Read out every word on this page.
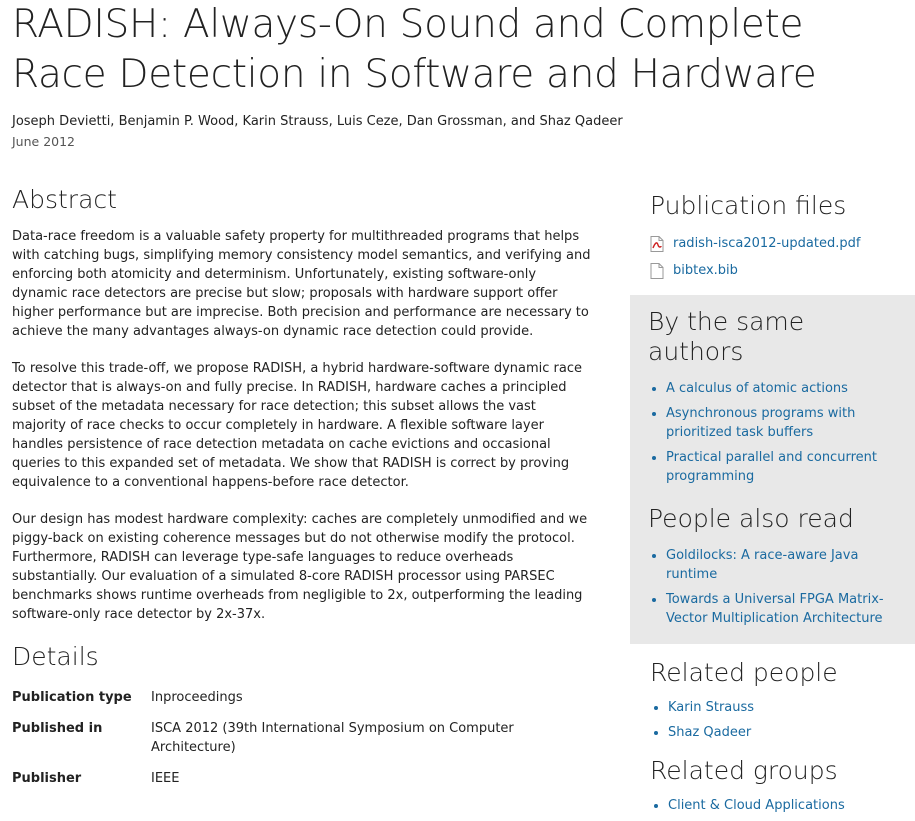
RADISH: Always-On Sound and Complete Race Detection in Software and Hardware
Joseph Devietti, Benjamin P. Wood, Karin Strauss, Luis Ceze, Dan Grossman, and Shaz Qadeer
June 2012
Abstract

Data-race freedom is a valuable safety property for multithreaded programs that helps with catching bugs, simplifying memory consistency model semantics, and verifying and enforcing both atomicity and determinism. Unfortunately, existing software-only dynamic race detectors are precise but slow; proposals with hardware support offer higher performance but are imprecise. Both precision and performance are necessary to achieve the many advantages always-on dynamic race detection could provide.

To resolve this trade-off, we propose RADISH, a hybrid hardware-software dynamic race detector that is always-on and fully precise. In RADISH, hardware caches a principled subset of the metadata necessary for race detection; this subset allows the vast majority of race checks to occur completely in hardware. A flexible software layer handles persistence of race detection metadata on cache evictions and occasional queries to this expanded set of metadata. We show that RADISH is correct by proving equivalence to a conventional happens-before race detector.

Our design has modest hardware complexity: caches are completely unmodified and we piggy-back on existing coherence messages but do not otherwise modify the protocol. Furthermore, RADISH can leverage type-safe languages to reduce overheads substantially. Our evaluation of a simulated 8-core RADISH processor using PARSEC benchmarks shows runtime overheads from negligible to 2x, outperforming the leading software-only race detector by 2x-37x.

Details
Publication type	Inproceedings
Published in	ISCA 2012 (39th International Symposium on Computer Architecture)
Publisher	IEEE
Publication files
radish-isca2012-updated.pdf
bibtex.bib
By the same authors
• A calculus of atomic actions
• Asynchronous programs with prioritized task buffers
• Practical parallel and concurrent programming
People also read
• Goldilocks: A race-aware Java runtime
• Towards a Universal FPGA Matrix-Vector Multiplication Architecture
Related people
• Karin Strauss
• Shaz Qadeer
Related groups
• Client & Cloud Applications
